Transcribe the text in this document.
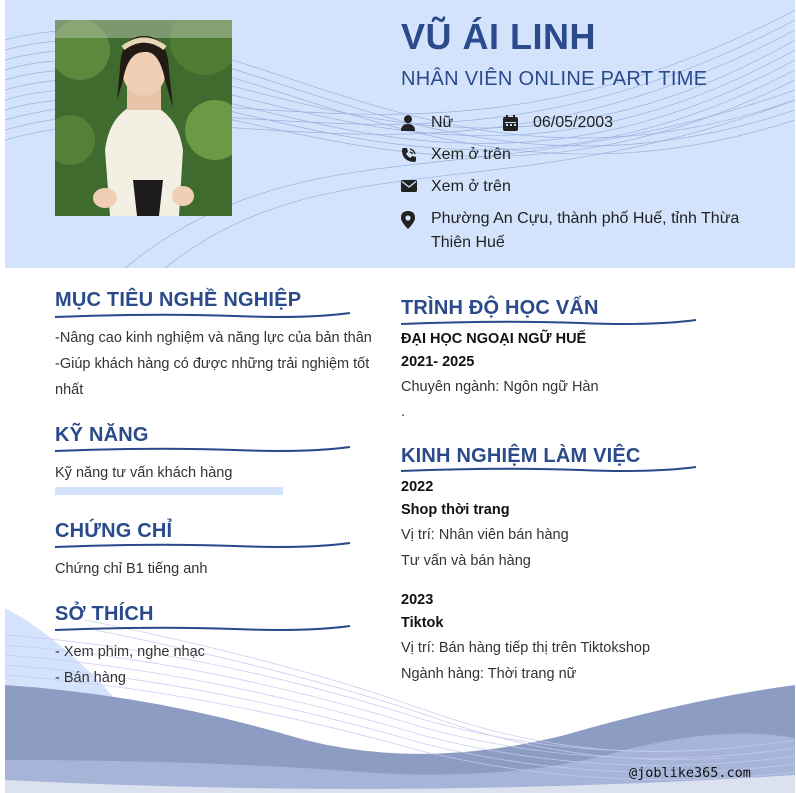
VŨ ÁI LINH
NHÂN VIÊN ONLINE PART TIME
Nữ	06/05/2003
Xem ở trên
Xem ở trên
Phường An Cựu, thành phố Huế, tỉnh Thừa
Thiên Huế
MỤC TIÊU NGHỀ NGHIỆP
-Nâng cao kinh nghiệm và năng lực của bản thân
-Giúp khách hàng có được những trải nghiệm tốt
nhất
KỸ NĂNG
Kỹ năng tư vấn khách hàng
CHỨNG CHỈ
Chứng chỉ B1 tiếng anh
SỞ THÍCH
- Xem phim, nghe nhạc
- Bán hàng
TRÌNH ĐỘ HỌC VẤN
ĐẠI HỌC NGOẠI NGỮ HUẾ
2021- 2025
Chuyên ngành: Ngôn ngữ Hàn
.
KINH NGHIỆM LÀM VIỆC
2022
Shop thời trang
Vị trí: Nhân viên bán hàng
Tư vấn và bán hàng
2023
Tiktok
Vị trí: Bán hàng tiếp thị trên Tiktokshop
Ngành hàng: Thời trang nữ
@joblike365.com
